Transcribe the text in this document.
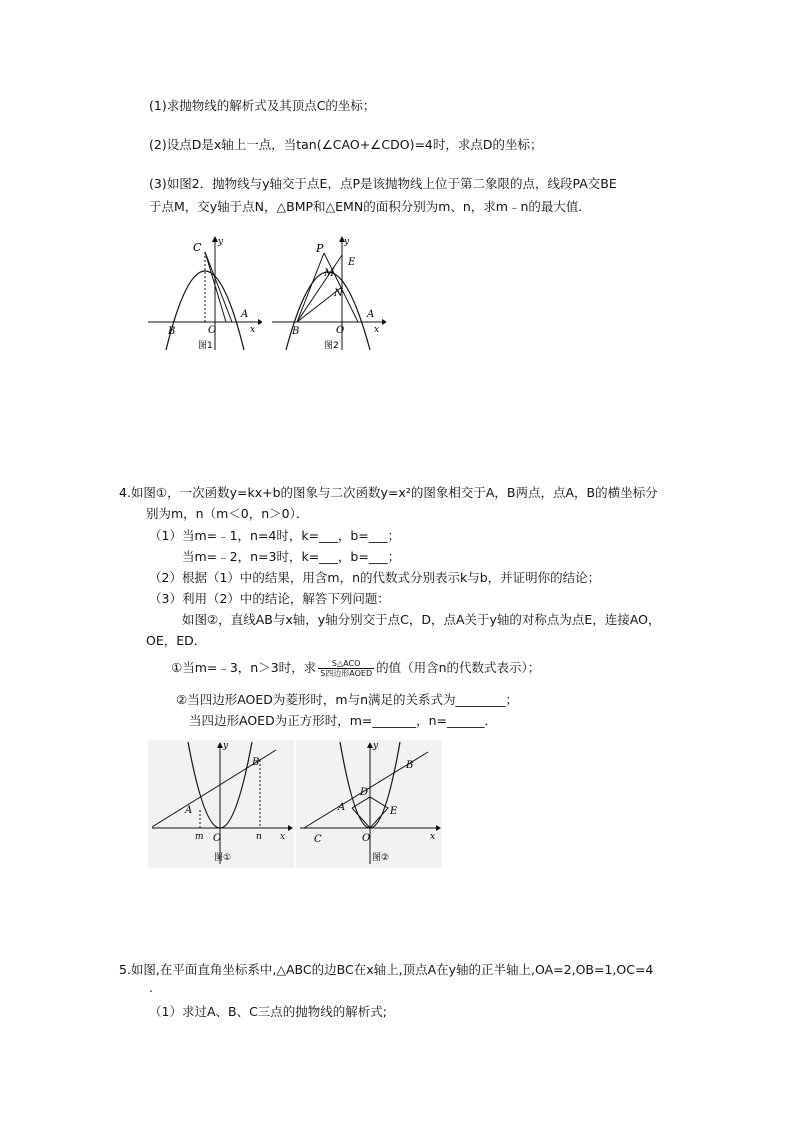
(1)求抛物线的解析式及其顶点C的坐标；
(2)设点D是x轴上一点，当tan(∠CAO+∠CDO)=4时，求点D的坐标；
(3)如图2．抛物线与y轴交于点E，点P是该抛物线上位于第二象限的点，线段PA交BE
于点M，交y轴于点N，△BMP和△EMN的面积分别为m、n，求m﹣n的最大值．
C y
B	O
A
x
图1
P y
M
E
N
B	O
A
x
图2
4.如图①，一次函数y=kx+b的图象与二次函数y=x²的图象相交于A，B两点，点A，B的横坐标分
别为m，n（m＜0，n＞0）．
（1）当m=﹣1，n=4时，k=___，b=___；
当m=﹣2，n=3时，k=___，b=___；
（2）根据（1）中的结果，用含m，n的代数式分别表示k与b，并证明你的结论；
（3）利用（2）中的结论，解答下列问题：
如图②，直线AB与x轴，y轴分别交于点C，D，点A关于y轴的对称点为点E，连接AO，
OE，ED．
①当m=﹣3，n＞3时，求 $\frac{\text{S△ACO}}{\text{S四边形AOED}}$ 的值（用含n的代数式表示）；
②当四边形AOED为菱形时，m与n满足的关系式为________；
当四边形AOED为正方形时，m=_______，n=______．
y
B
A
m O	n x
图①
y
B
D
A	E
C	O	x
图②
5.如图,在平面直角坐标系中,△ABC的边BC在x轴上,顶点A在y轴的正半轴上,OA=2,OB=1,OC=4
.
（1）求过A、B、C三点的抛物线的解析式;
